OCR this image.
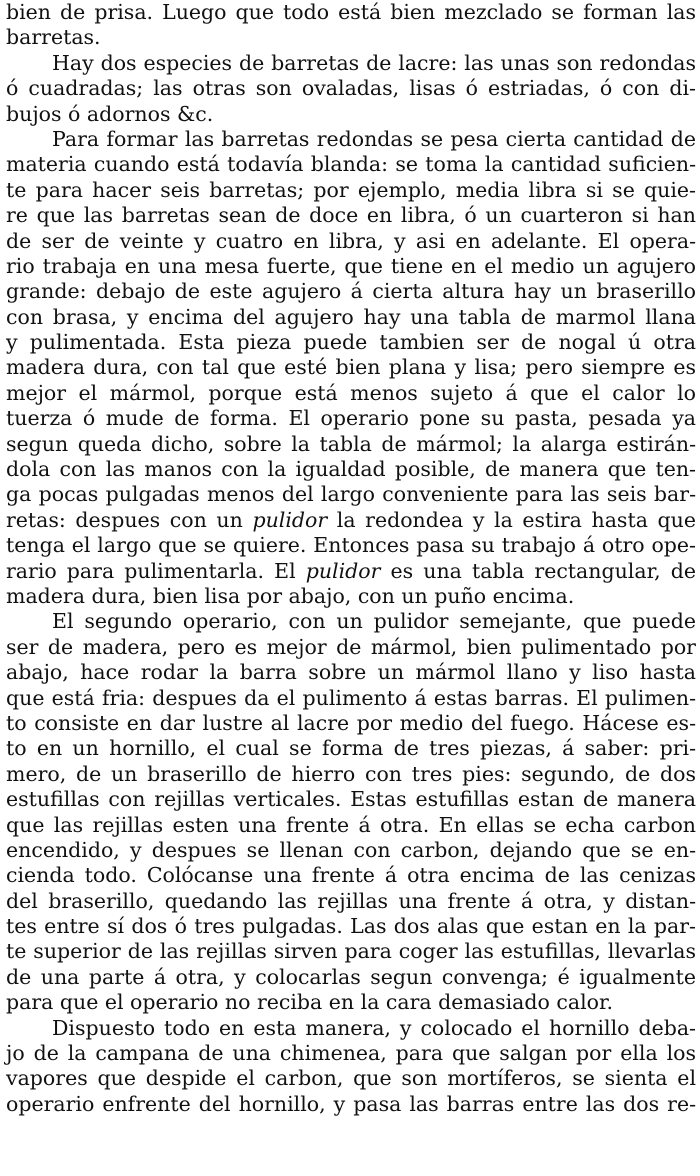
bien de prisa. Luego que todo está bien mezclado se forman las
barretas.
Hay dos especies de barretas de lacre: las unas son redondas
ó cuadradas; las otras son ovaladas, lisas ó estriadas, ó con di-
bujos ó adornos &c.
Para formar las barretas redondas se pesa cierta cantidad de
materia cuando está todavía blanda: se toma la cantidad suficien-
te para hacer seis barretas; por ejemplo, media libra si se quie-
re que las barretas sean de doce en libra, ó un cuarteron si han
de ser de veinte y cuatro en libra, y asi en adelante. El opera-
rio trabaja en una mesa fuerte, que tiene en el medio un agujero
grande: debajo de este agujero á cierta altura hay un braserillo
con brasa, y encima del agujero hay una tabla de marmol llana
y pulimentada. Esta pieza puede tambien ser de nogal ú otra
madera dura, con tal que esté bien plana y lisa; pero siempre es
mejor el mármol, porque está menos sujeto á que el calor lo
tuerza ó mude de forma. El operario pone su pasta, pesada ya
segun queda dicho, sobre la tabla de mármol; la alarga estirán-
dola con las manos con la igualdad posible, de manera que ten-
ga pocas pulgadas menos del largo conveniente para las seis bar-
retas: despues con un pulidor la redondea y la estira hasta que
tenga el largo que se quiere. Entonces pasa su trabajo á otro ope-
rario para pulimentarla. El pulidor es una tabla rectangular, de
madera dura, bien lisa por abajo, con un puño encima.
El segundo operario, con un pulidor semejante, que puede
ser de madera, pero es mejor de mármol, bien pulimentado por
abajo, hace rodar la barra sobre un mármol llano y liso hasta
que está fria: despues da el pulimento á estas barras. El pulimen-
to consiste en dar lustre al lacre por medio del fuego. Hácese es-
to en un hornillo, el cual se forma de tres piezas, á saber: pri-
mero, de un braserillo de hierro con tres pies: segundo, de dos
estufillas con rejillas verticales. Estas estufillas estan de manera
que las rejillas esten una frente á otra. En ellas se echa carbon
encendido, y despues se llenan con carbon, dejando que se en-
cienda todo. Colócanse una frente á otra encima de las cenizas
del braserillo, quedando las rejillas una frente á otra, y distan-
tes entre sí dos ó tres pulgadas. Las dos alas que estan en la par-
te superior de las rejillas sirven para coger las estufillas, llevarlas
de una parte á otra, y colocarlas segun convenga; é igualmente
para que el operario no reciba en la cara demasiado calor.
Dispuesto todo en esta manera, y colocado el hornillo deba-
jo de la campana de una chimenea, para que salgan por ella los
vapores que despide el carbon, que son mortíferos, se sienta el
operario enfrente del hornillo, y pasa las barras entre las dos re-
